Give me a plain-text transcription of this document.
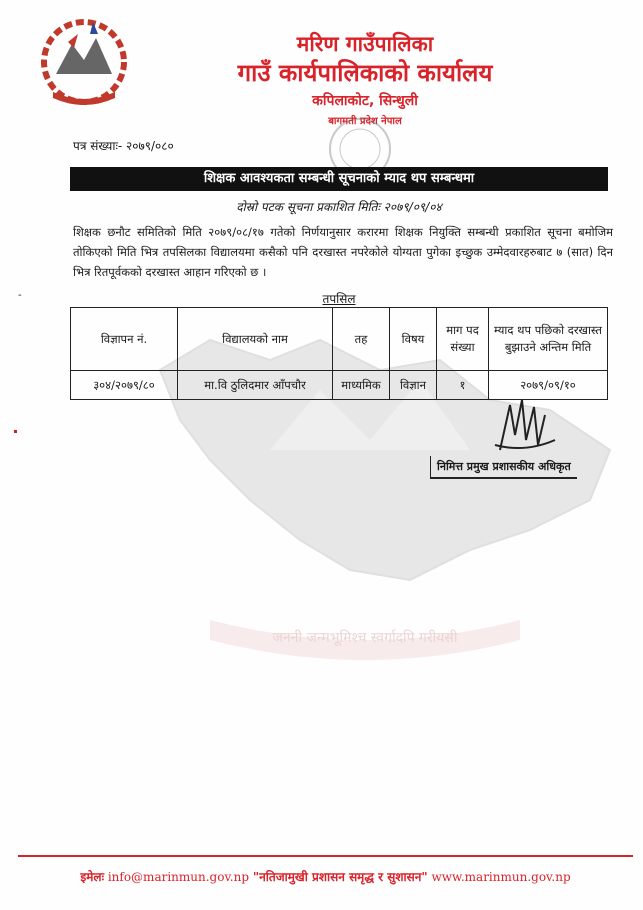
जननी जन्मभूमिश्च स्वर्गादपि गरीयसी
मरिण गाउँपालिका
गाउँ कार्यपालिकाको कार्यालय
कपिलाकोट, सिन्धुली
बागमती प्रदेश नेपाल
पत्र संख्याः- २०७९/०८०
शिक्षक आवश्यकता सम्बन्धी सूचनाको म्याद थप सम्बन्धमा
दोस्रो पटक सूचना प्रकाशित मितिः २०७९/०९/०४
शिक्षक छनौट समितिको मिति २०७९/०८/१७ गतेको निर्णयानुसार करारमा शिक्षक नियुक्ति सम्बन्धी प्रकाशित सूचना बमोजिम तोकिएको मिति भित्र तपसिलका विद्यालयमा कसैको पनि दरखास्त नपरेकोले योग्यता पुगेका इच्छुक उम्मेदवारहरुबाट ७ (सात) दिन भित्र रितपूर्वकको दरखास्त आहान गरिएको छ ।
-	तपसिल
विज्ञापन नं.	विद्यालयको नाम	तह	विषय	माग पद संख्या	म्याद थप पछिको दरखास्त बुझाउने अन्तिम मिति
३०४/२०७९/८०	मा.वि ठुलिदमार आँपचौर	माध्यमिक	विज्ञान	१	२०७९/०९/१०
निमित्त प्रमुख प्रशासकीय अधिकृत
इमेलः info@marinmun.gov.np "नतिजामुखी प्रशासन समृद्ध र सुशासन" www.marinmun.gov.np
